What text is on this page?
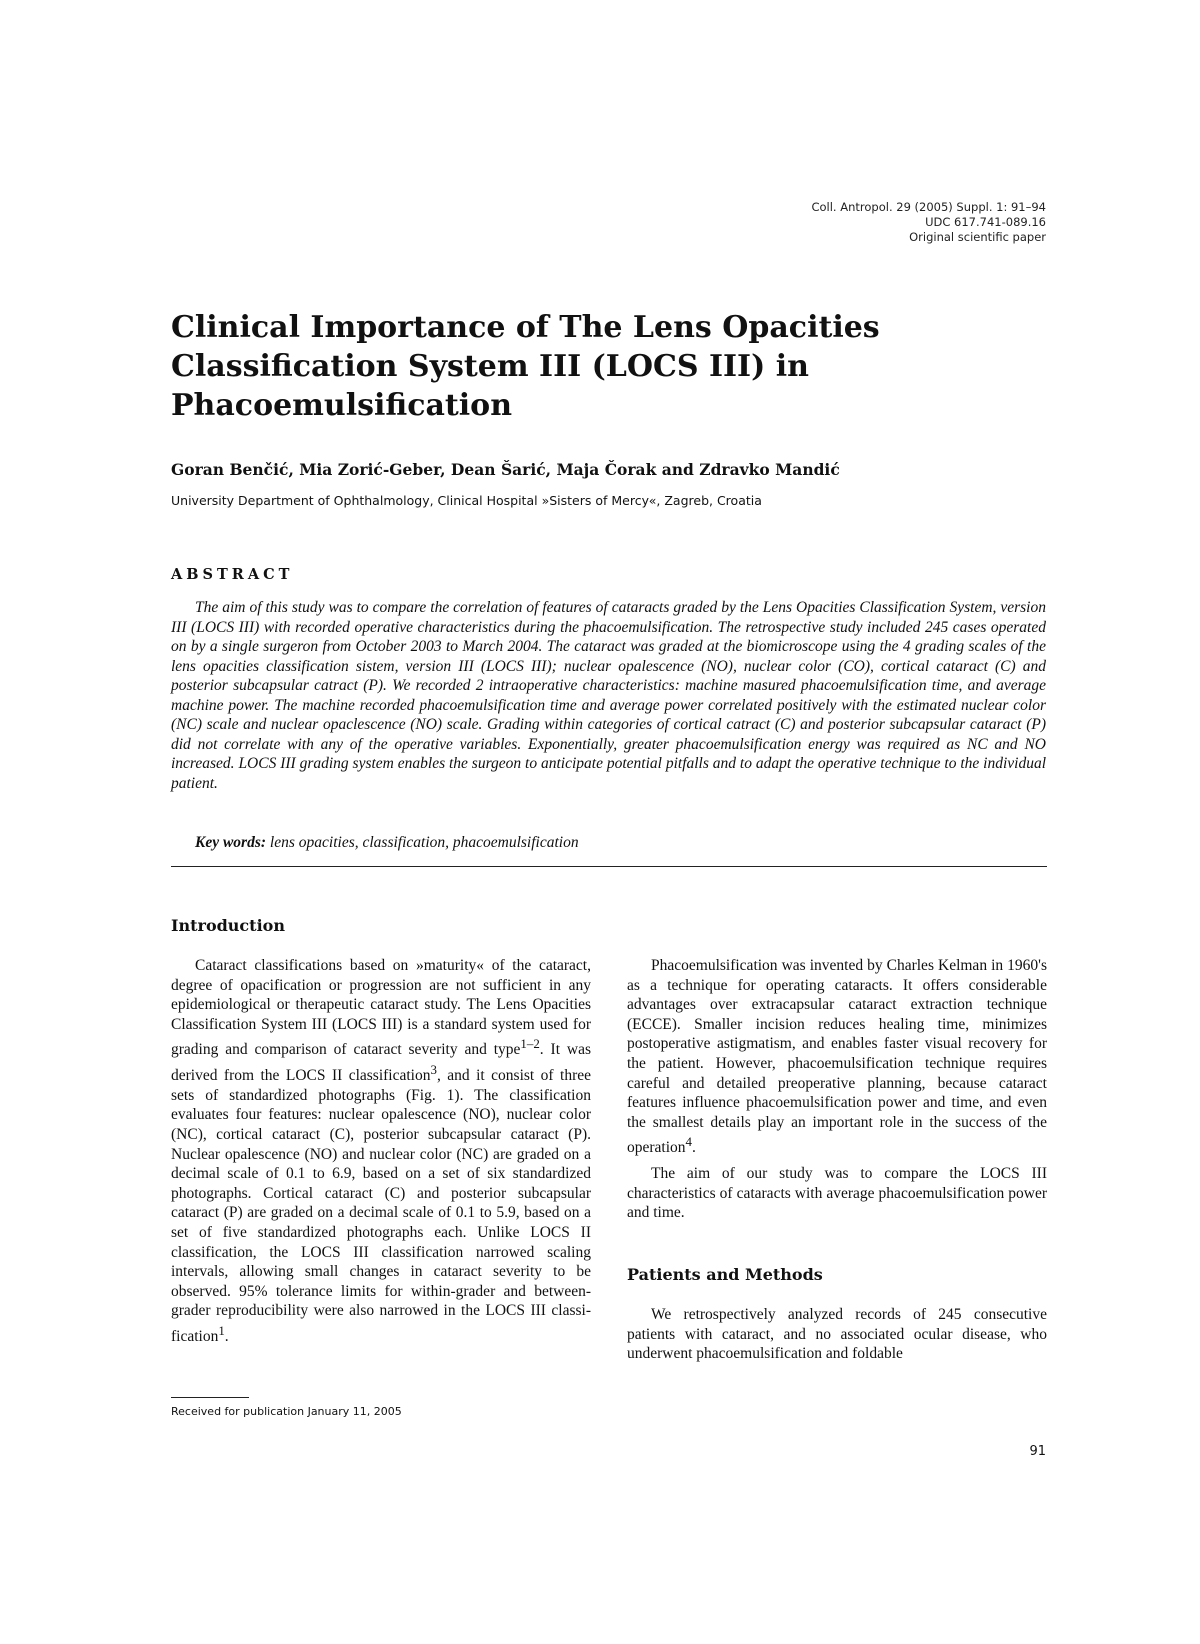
Coll. Antropol. 29 (2005) Suppl. 1: 91–94
UDC 617.741-089.16
Original scientific paper
Clinical Importance of The Lens Opacities Classification System III (LOCS III) in Phacoemulsification

Goran Benčić, Mia Zorić-Geber, Dean Šarić, Maja Čorak and Zdravko Mandić

University Department of Ophthalmology, Clinical Hospital »Sisters of Mercy«, Zagreb, Croatia

ABSTRACT

The aim of this study was to compare the correlation of features of cataracts graded by the Lens Opacities Classification System, version III (LOCS III) with recorded operative characteristics during the phacoemulsification. The retrospective study included 245 cases operated on by a single surgeron from October 2003 to March 2004. The cataract was graded at the biomicroscope using the 4 grading scales of the lens opacities classification sistem, version III (LOCS III); nuclear opalescence (NO), nuclear color (CO), cortical cataract (C) and posterior subcapsular catract (P). We recorded 2 intraoperative characteristics: machine masured phacoemulsification time, and average machine power. The machine recorded phacoemulsification time and average power correlated positively with the estimated nuclear color (NC) scale and nuclear opaclescence (NO) scale. Grading within categories of cortical catract (C) and posterior subcapsular cataract (P) did not correlate with any of the operative variables. Exponentially, greater phacoemulsification energy was required as NC and NO increased. LOCS III grading system enables the surgeon to anticipate potential pitfalls and to adapt the operative technique to the individual patient.

Key words: lens opacities, classification, phacoemulsification

Introduction

Cataract classifications based on »maturity« of the cataract, degree of opacification or progression are not sufficient in any epidemiological or therapeutic cataract study. The Lens Opacities Classification System III (LOCS III) is a standard system used for grading and comparison of cataract severity and type$^{1-2}$. It was derived from the LOCS II classification$^3$, and it consist of three sets of standardized photographs (Fig. 1). The classification evaluates four features: nuclear opalescence (NO), nuclear color (NC), cortical cataract (C), posterior subcapsular cataract (P). Nuclear opalescence (NO) and nuclear color (NC) are graded on a decimal scale of 0.1 to 6.9, based on a set of six standardized photographs. Cortical cataract (C) and posterior subcapsular cataract (P) are graded on a decimal scale of 0.1 to 5.9, based on a set of five standardized photographs each. Unlike LOCS II classification, the LOCS III classification narrowed scaling intervals, allowing small changes in cataract severity to be observed. 95% tolerance limits for within-grader and between-grader reproducibility were also narrowed in the LOCS III classi-fication$^1$.

Phacoemulsification was invented by Charles Kelman in 1960's as a technique for operating cataracts. It offers considerable advantages over extracapsular cataract extraction technique (ECCE). Smaller incision reduces healing time, minimizes postoperative astigmatism, and enables faster visual recovery for the patient. However, phacoemulsification technique requires careful and detailed preoperative planning, because cataract features influence phacoemulsification power and time, and even the smallest details play an important role in the success of the operation$^4$.

The aim of our study was to compare the LOCS III characteristics of cataracts with average phacoemulsification power and time.

Patients and Methods

We retrospectively analyzed records of 245 consecutive patients with cataract, and no associated ocular disease, who underwent phacoemulsification and foldable

Received for publication January 11, 2005

91
